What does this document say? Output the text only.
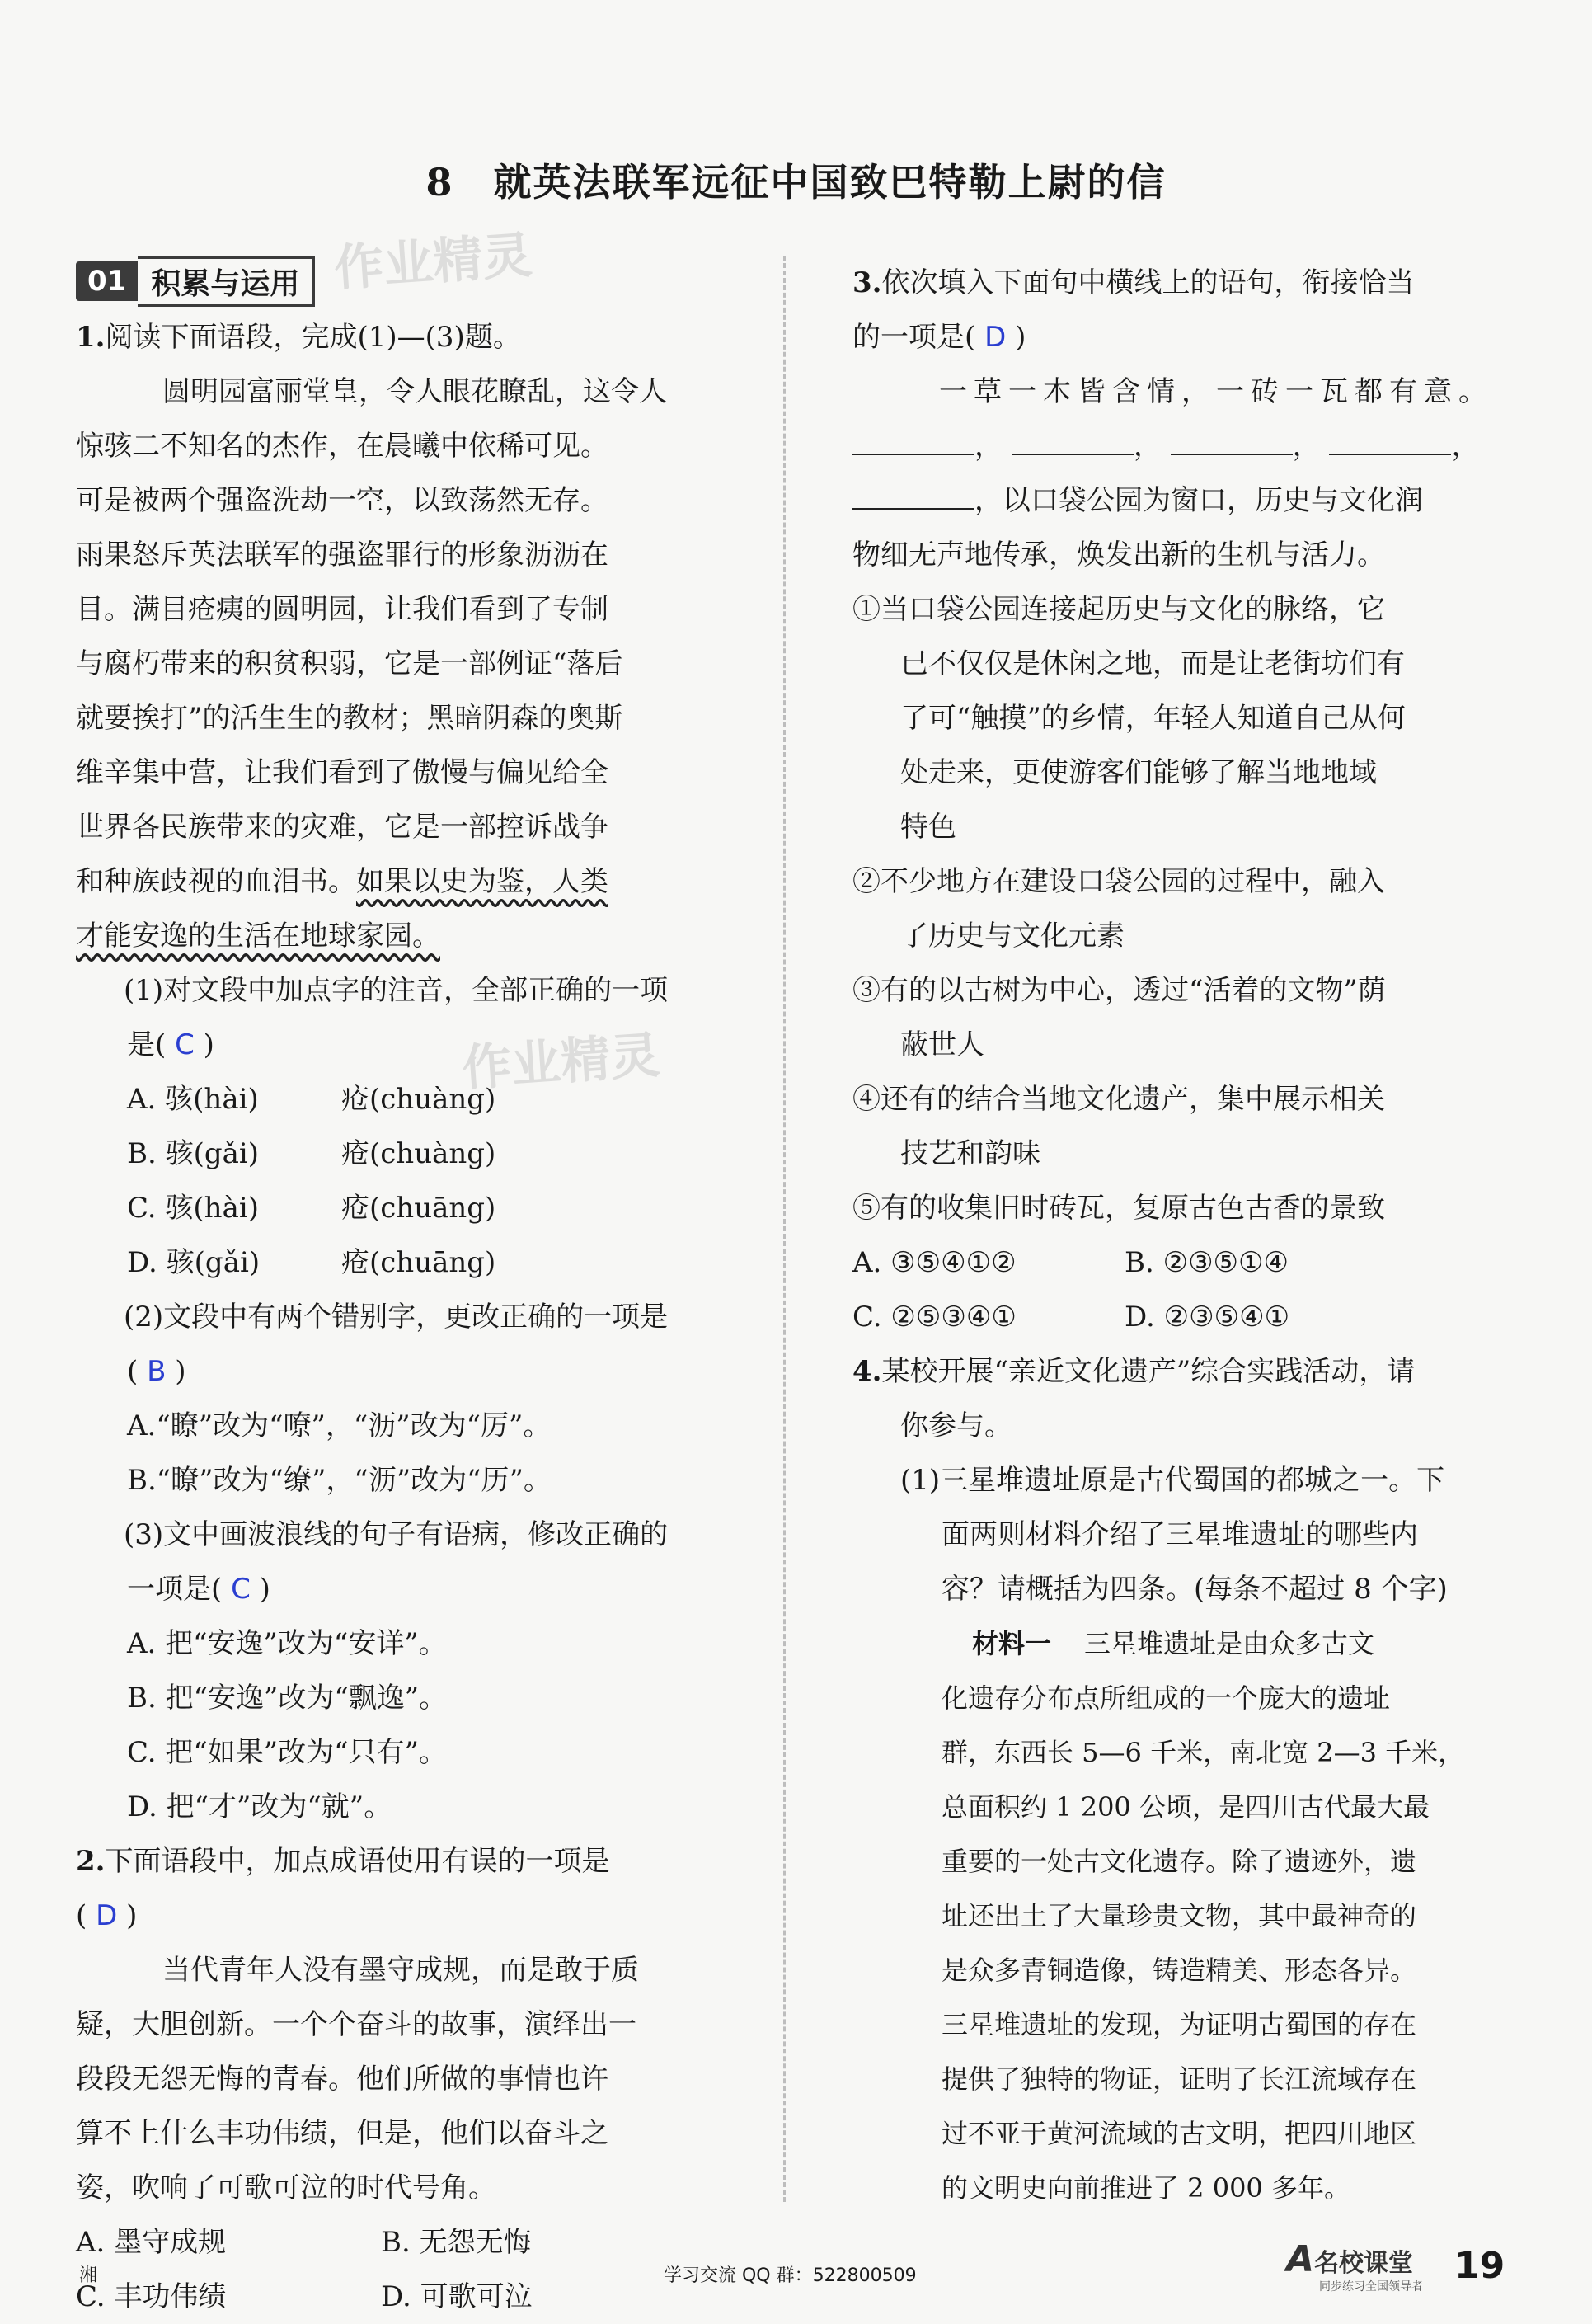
8　就英法联军远征中国致巴特勒上尉的信
作业精灵
作业精灵
01 积累与运用
1.阅读下面语段，完成(1)—(3)题。
圆明园富丽堂皇，令人眼花瞭乱，这令人
惊骇二不知名的杰作，在晨曦中依稀可见。
可是被两个强盗洗劫一空，以致荡然无存。
雨果怒斥英法联军的强盗罪行的形象沥沥在
目。满目疮痍的圆明园，让我们看到了专制
与腐朽带来的积贫积弱，它是一部例证“落后
就要挨打”的活生生的教材；黑暗阴森的奥斯
维辛集中营，让我们看到了傲慢与偏见给全
世界各民族带来的灾难，它是一部控诉战争
和种族歧视的血泪书。如果以史为鉴，人类
才能安逸的生活在地球家园。
(1)对文段中加点字的注音，全部正确的一项
是( C )
A. 骇(hài)	疮(chuàng)
B. 骇(gǎi)	疮(chuàng)
C. 骇(hài)	疮(chuāng)
D. 骇(gǎi)	疮(chuāng)
(2)文段中有两个错别字，更改正确的一项是
( B )
A.“瞭”改为“嘹”，“沥”改为“厉”。
B.“瞭”改为“缭”，“沥”改为“历”。
(3)文中画波浪线的句子有语病，修改正确的
一项是( C )
A. 把“安逸”改为“安详”。
B. 把“安逸”改为“飘逸”。
C. 把“如果”改为“只有”。
D. 把“才”改为“就”。
2.下面语段中，加点成语使用有误的一项是
( D )
当代青年人没有墨守成规，而是敢于质
疑，大胆创新。一个个奋斗的故事，演绎出一
段段无怨无悔的青春。他们所做的事情也许
算不上什么丰功伟绩，但是，他们以奋斗之
姿，吹响了可歌可泣的时代号角。
A. 墨守成规	B. 无怨无悔
C. 丰功伟绩	D. 可歌可泣
3.依次填入下面句中横线上的语句，衔接恰当
的一项是( D )
一草一木皆含情，一砖一瓦都有意。
，	，	，	，
，以口袋公园为窗口，历史与文化润
物细无声地传承，焕发出新的生机与活力。
①当口袋公园连接起历史与文化的脉络，它
已不仅仅是休闲之地，而是让老街坊们有
了可“触摸”的乡情，年轻人知道自己从何
处走来，更使游客们能够了解当地地域
特色
②不少地方在建设口袋公园的过程中，融入
了历史与文化元素
③有的以古树为中心，透过“活着的文物”荫
蔽世人
④还有的结合当地文化遗产，集中展示相关
技艺和韵味
⑤有的收集旧时砖瓦，复原古色古香的景致
A. ③⑤④①②	B. ②③⑤①④
C. ②⑤③④①	D. ②③⑤④①
4.某校开展“亲近文化遗产”综合实践活动，请
你参与。
(1)三星堆遗址原是古代蜀国的都城之一。下
面两则材料介绍了三星堆遗址的哪些内
容？请概括为四条。(每条不超过 8 个字)
材料一 三星堆遗址是由众多古文
化遗存分布点所组成的一个庞大的遗址
群，东西长 5—6 千米，南北宽 2—3 千米，
总面积约 1 200 公顷，是四川古代最大最
重要的一处古文化遗存。除了遗迹外，遗
址还出土了大量珍贵文物，其中最神奇的
是众多青铜造像，铸造精美、形态各异。
三星堆遗址的发现，为证明古蜀国的存在
提供了独特的物证，证明了长江流域存在
过不亚于黄河流域的古文明，把四川地区
的文明史向前推进了 2 000 多年。
湘	学习交流 QQ 群：522800509	A名校课堂
同步练习全国领导者 19
